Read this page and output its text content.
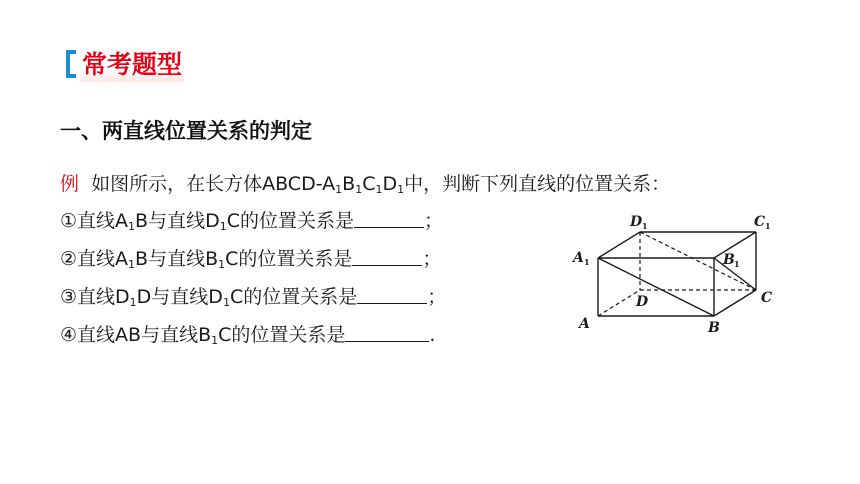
常考题型
一、两直线位置关系的判定
例 如图所示，在长方体ABCD-$A_1B_1C_1D_1$中，判断下列直线的位置关系：
①直线$A_1B$与直线$D_1C$的位置关系是	；
②直线$A_1B$与直线$B_1C$的位置关系是	；
③直线$D_1D$与直线$D_1C$的位置关系是	；
④直线AB与直线$B_1C$的位置关系是	.
D 1	C 1
A 1	B 1
D	C
A	B
